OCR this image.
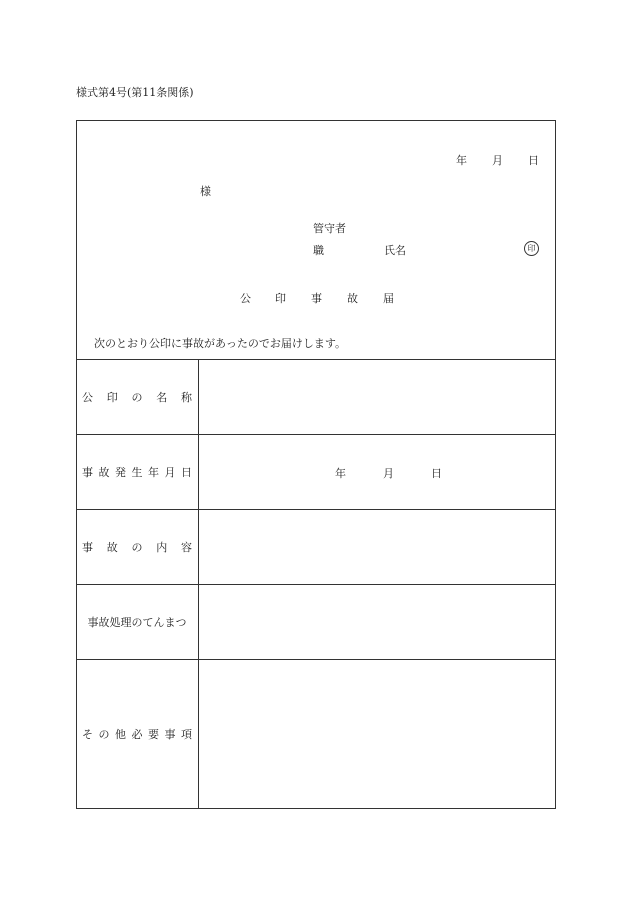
様式第4号(第11条関係)
年 月 日
様
管守者
職	氏名	印
公 印 事 故 届
次のとおり公印に事故があったのでお届けします。
公 印 の 名 称
事 故 発 生 年 月 日	年	月	日
事 故 の 内 容
事故処理のてんまつ
そ の 他 必 要 事 項
